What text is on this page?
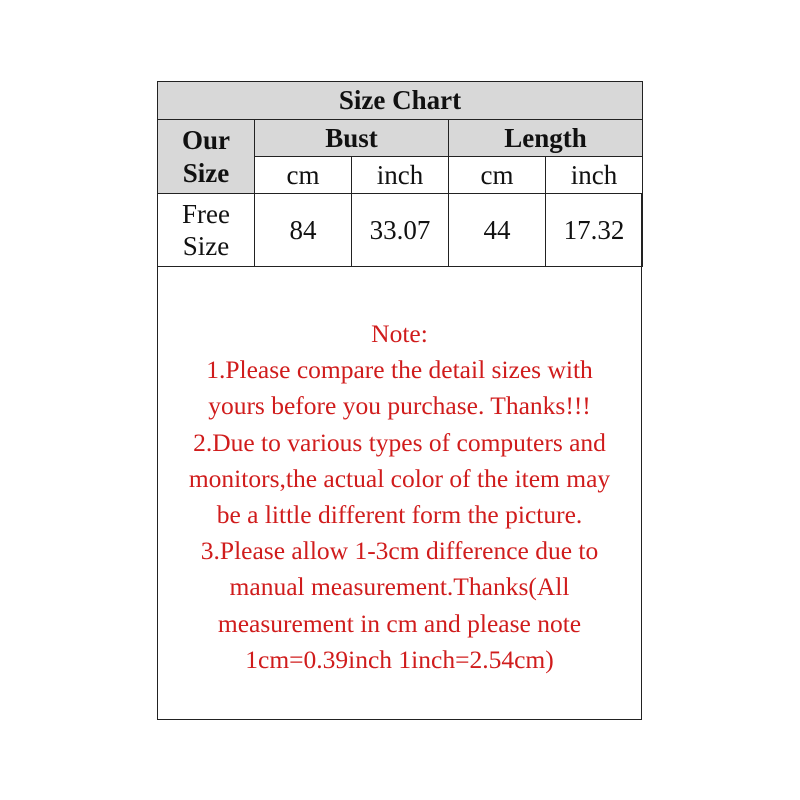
Size Chart				
Our
Size	Bust		Length	
	cm	inch	cm	inch
Free
Size	84	33.07	44	17.32
Note:
1.Please compare the detail sizes with
yours before you purchase. Thanks!!!
2.Due to various types of computers and
monitors,the actual color of the item may
be a little different form the picture.
3.Please allow 1-3cm difference due to
manual measurement.Thanks(All
measurement in cm and please note
1cm=0.39inch 1inch=2.54cm)
